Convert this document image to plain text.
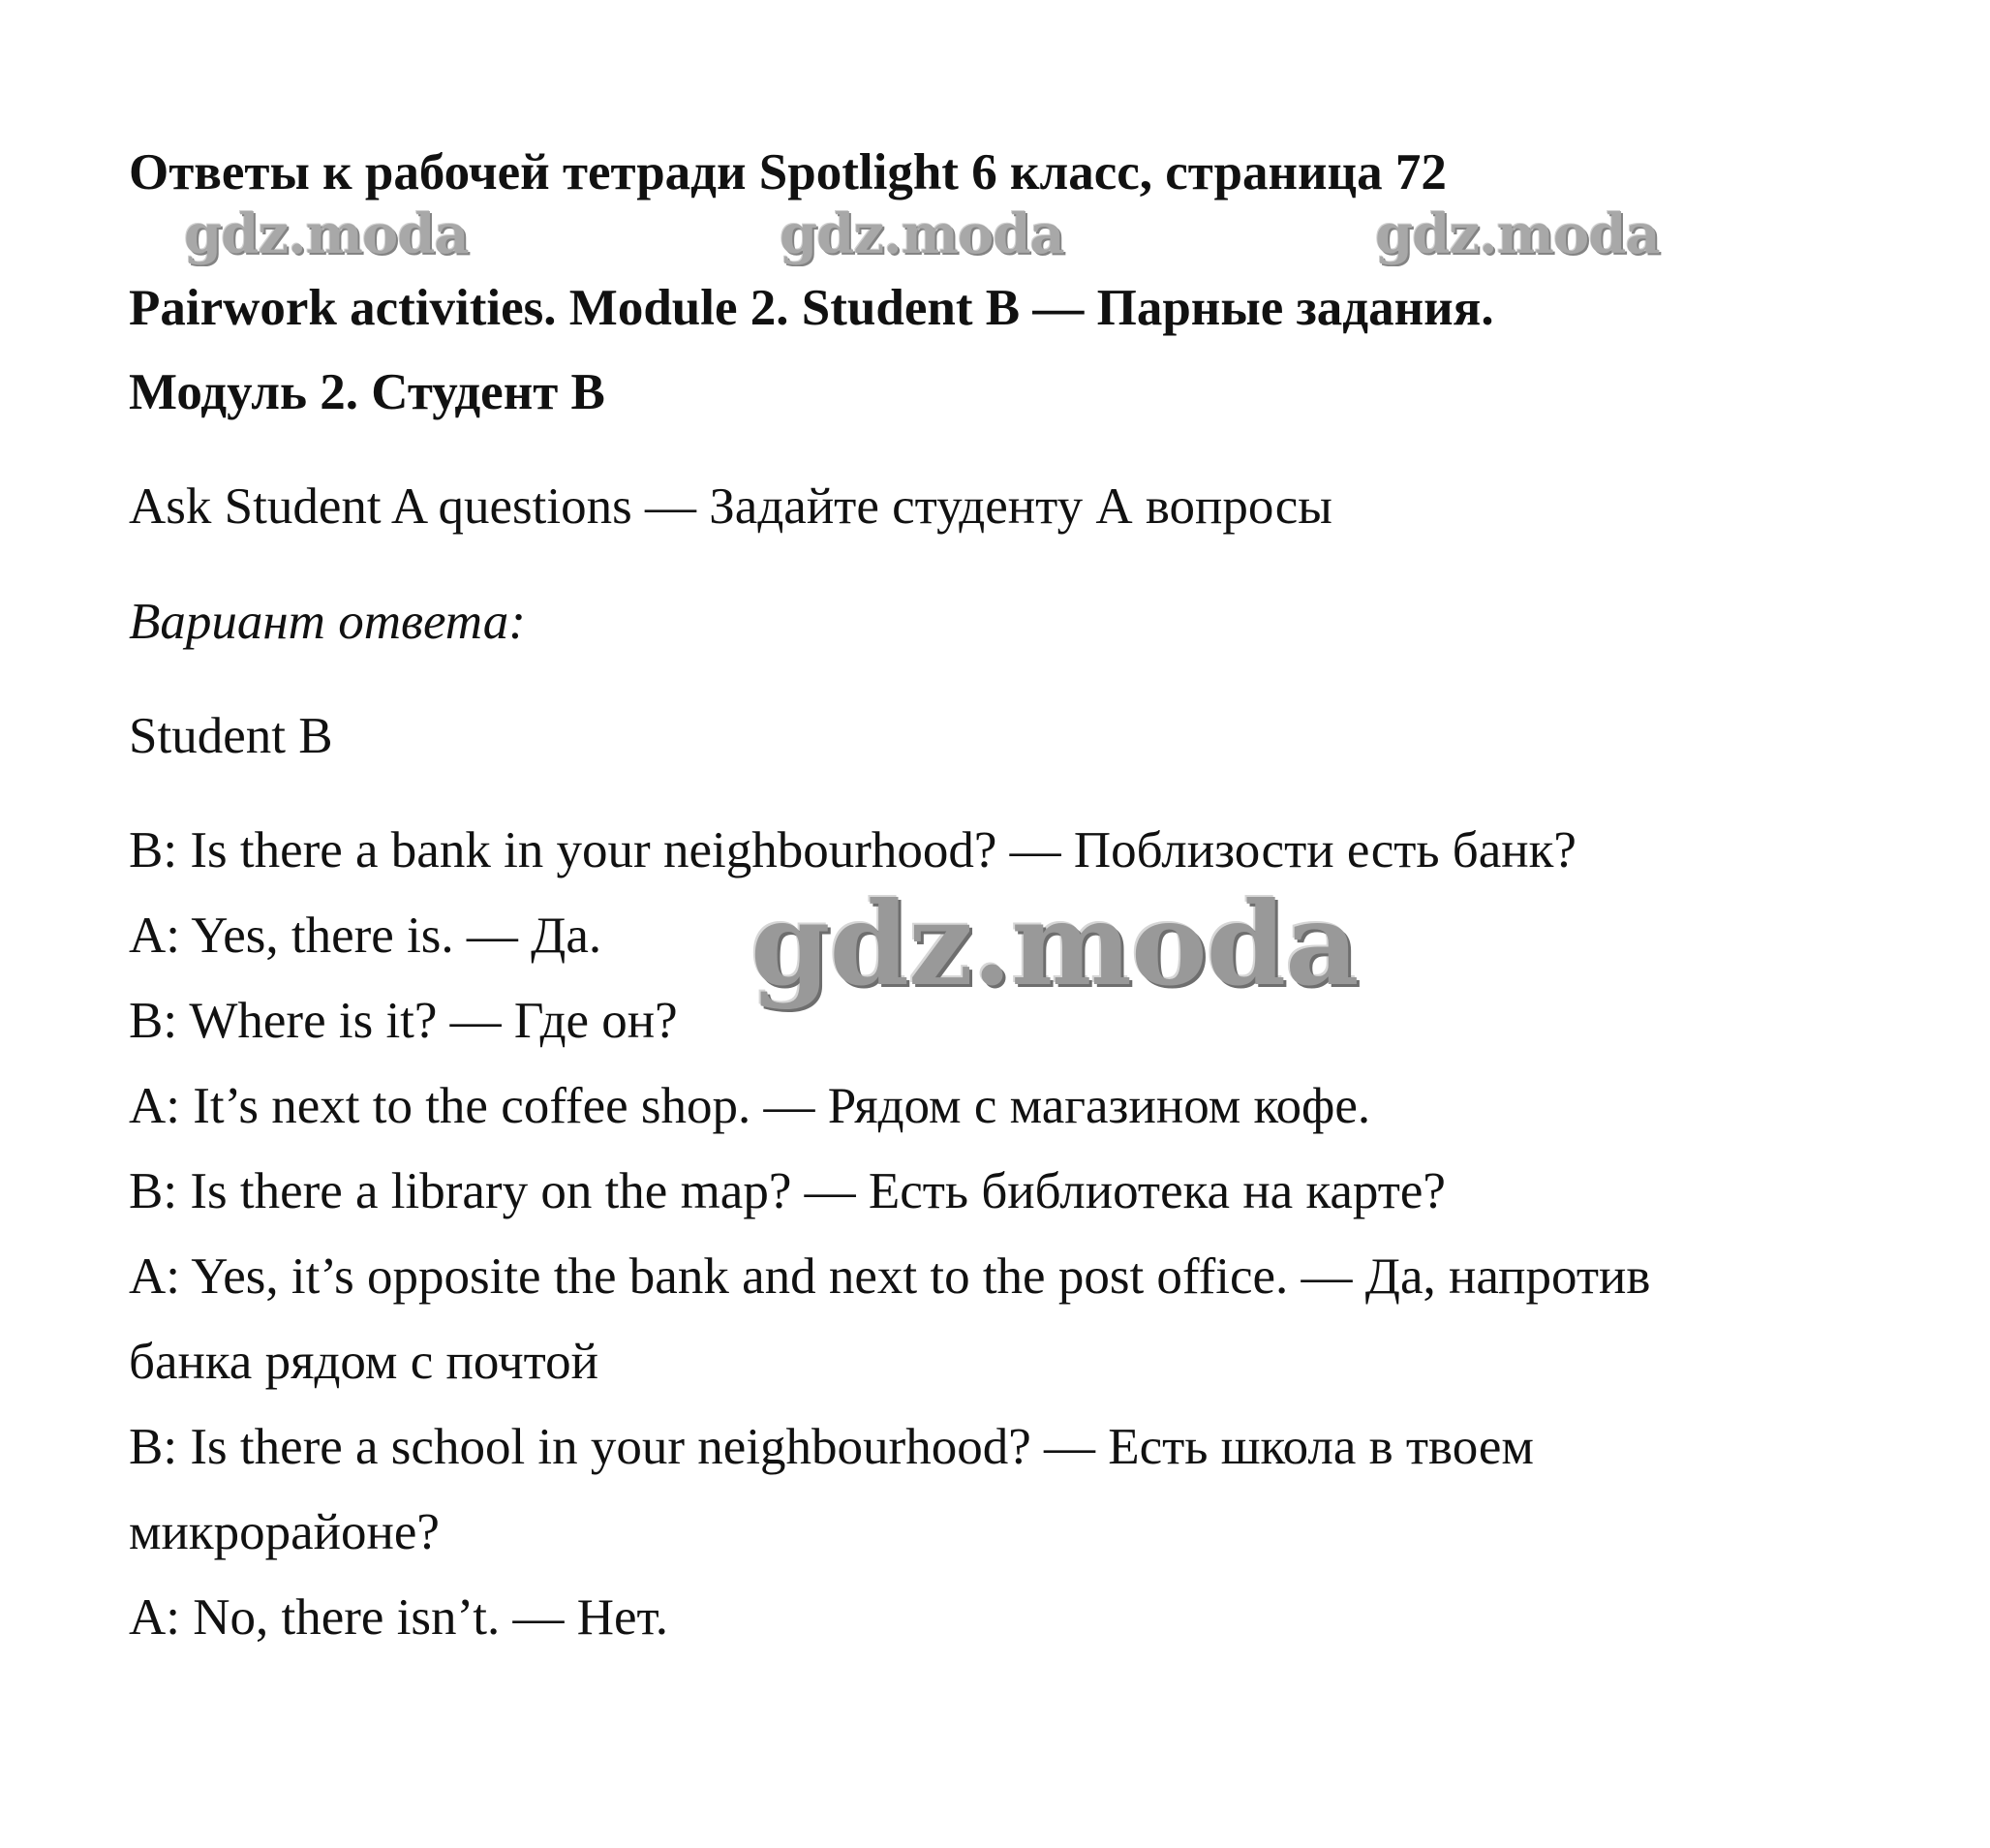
Ответы к рабочей тетради Spotlight 6 класс, страница 72
gdz.moda	gdz.moda	gdz.moda
Pairwork activities. Module 2. Student B — Парные задания.
Модуль 2. Студент B
Ask Student A questions — Задайте студенту А вопросы
Вариант ответа:
Student B
B: Is there a bank in your neighbourhood? — Поблизости есть банк?
A: Yes, there is. — Да.
B: Where is it? — Где он?
A: It’s next to the coffee shop. — Рядом с магазином кофе.
B: Is there a library on the map? — Есть библиотека на карте?
A: Yes, it’s opposite the bank and next to the post office. — Да, напротив
банка рядом с почтой
B: Is there a school in your neighbourhood? — Есть школа в твоем
микрорайоне?
A: No, there isn’t. — Нет.
gdz.moda
